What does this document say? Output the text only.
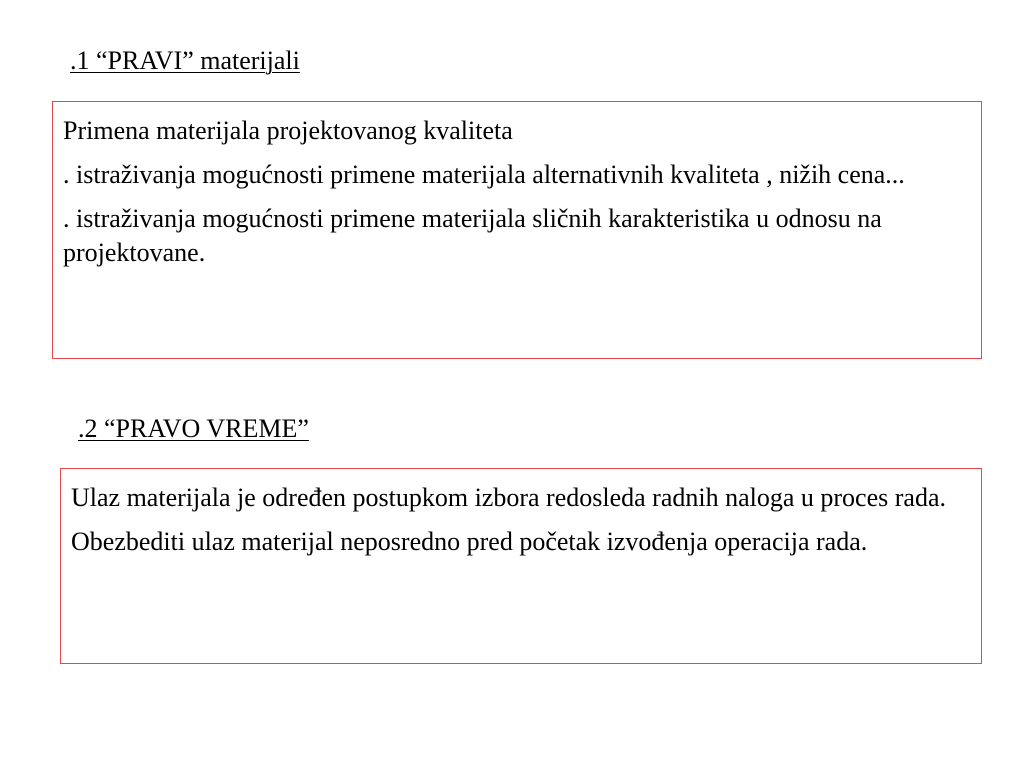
.1 “PRAVI” materijali

Primena materijala projektovanog kvaliteta

. istraživanja mogućnosti primene materijala alternativnih kvaliteta , nižih cena...

. istraživanja mogućnosti primene materijala sličnih karakteristika u odnosu na projektovane.

.2 “PRAVO VREME”

Ulaz materijala je određen postupkom izbora redosleda radnih naloga u proces rada.

Obezbediti ulaz materijal neposredno pred početak izvođenja operacija rada.
